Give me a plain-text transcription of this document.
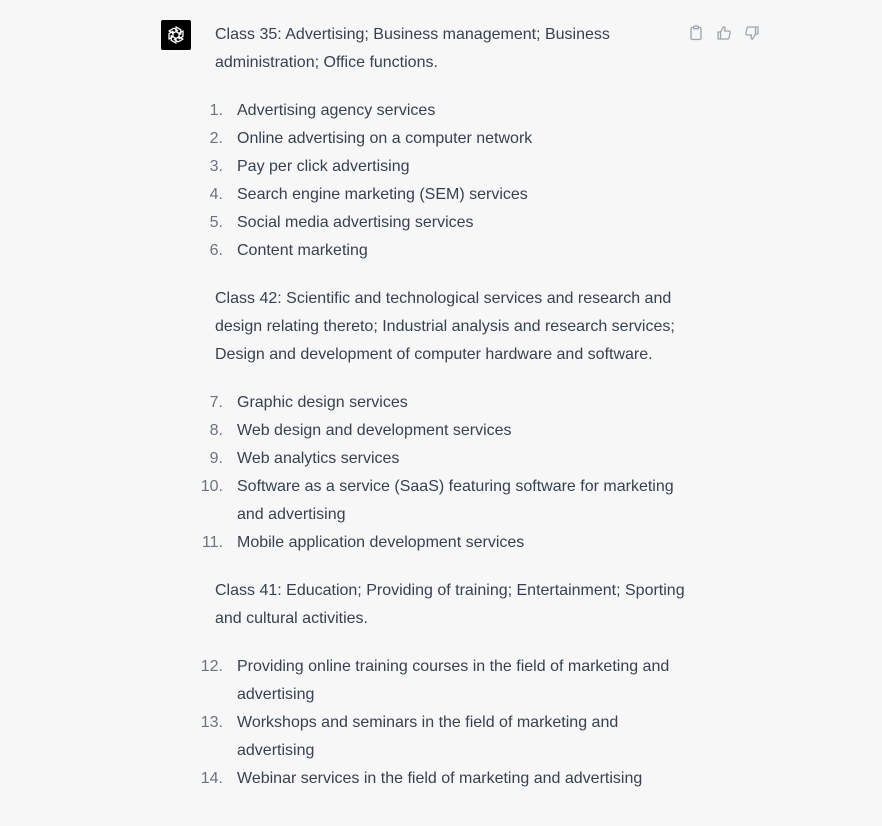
Class 35: Advertising; Business management; Business administration; Office functions.

1. Advertising agency services
2. Online advertising on a computer network
3. Pay per click advertising
4. Search engine marketing (SEM) services
5. Social media advertising services
6. Content marketing

Class 42: Scientific and technological services and research and design relating thereto; Industrial analysis and research services; Design and development of computer hardware and software.

7. Graphic design services
8. Web design and development services
9. Web analytics services
10. Software as a service (SaaS) featuring software for marketing and advertising
11. Mobile application development services

Class 41: Education; Providing of training; Entertainment; Sporting and cultural activities.

12. Providing online training courses in the field of marketing and advertising
13. Workshops and seminars in the field of marketing and advertising
14. Webinar services in the field of marketing and advertising
